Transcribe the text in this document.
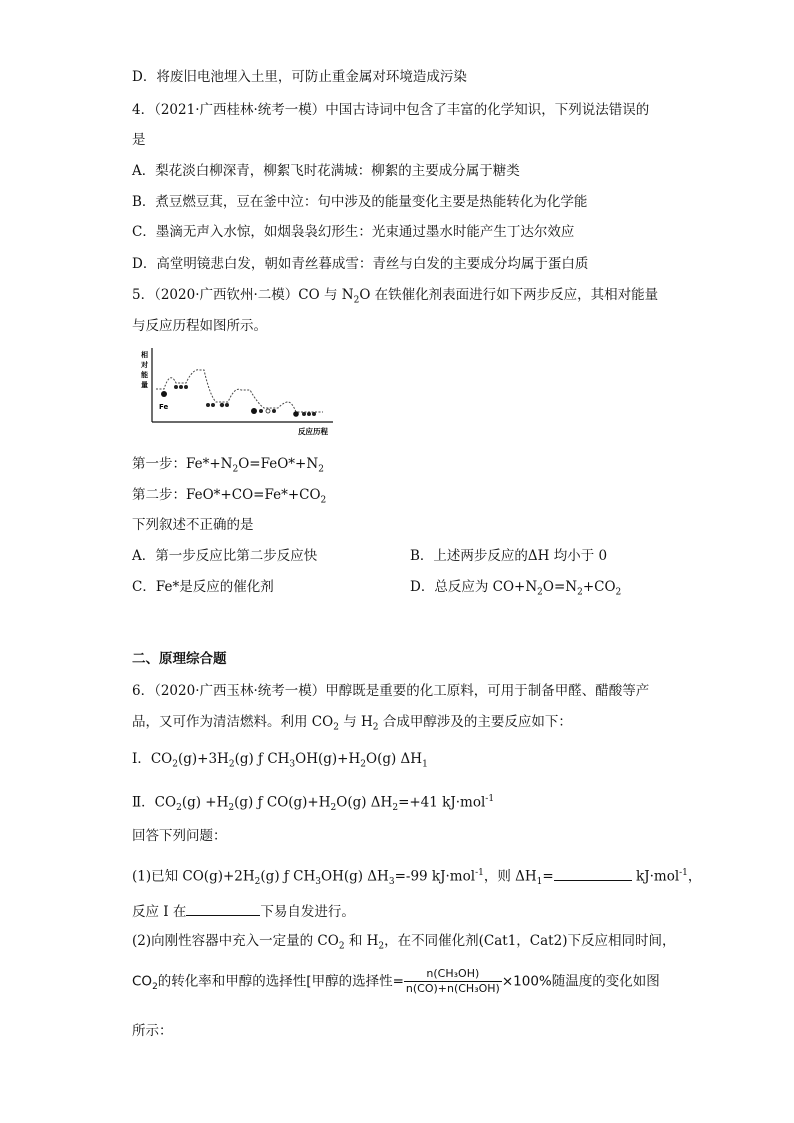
D．将废旧电池埋入土里，可防止重金属对环境造成污染
4．（2021·广西桂林·统考一模）中国古诗词中包含了丰富的化学知识，下列说法错误的
是
A．梨花淡白柳深青，柳絮飞时花满城：柳絮的主要成分属于糖类
B．煮豆燃豆萁，豆在釜中泣：句中涉及的能量变化主要是热能转化为化学能
C．墨滴无声入水惊，如烟袅袅幻形生：光束通过墨水时能产生丁达尔效应
D．高堂明镜悲白发，朝如青丝暮成雪：青丝与白发的主要成分均属于蛋白质
5．（2020·广西钦州·二模）CO 与 $N_2O$ 在铁催化剂表面进行如下两步反应，其相对能量
与反应历程如图所示。
相
对
能
量
Fe
反应历程
第一步：$Fe*+N_2O=FeO*+N_2$
第二步：$FeO*+CO=Fe*+CO_2$
下列叙述不正确的是
A．第一步反应比第二步反应快	B．上述两步反应的ΔH 均小于 0
C．Fe*是反应的催化剂	D．总反应为 $CO+N_2O=N_2+CO_2$
二、原理综合题
6．（2020·广西玉林·统考一模）甲醇既是重要的化工原料，可用于制备甲醛、醋酸等产
品，又可作为清洁燃料。利用 $CO_2$ 与 $H_2$ 合成甲醇涉及的主要反应如下：
Ⅰ．$CO_2(g)+3H_2(g)$ ƒ $CH_3OH(g)+H_2O(g)$ $\Delta H_1$
Ⅱ．$CO_2(g) +H_2(g)$ ƒ $CO(g)+H_2O(g)$ $\Delta H_2=+41$ kJ·mol$^{-1}$
回答下列问题：
(1)已知 $CO(g)+2H_2(g)$ ƒ $CH_3OH(g)$ $\Delta H_3=-99$ kJ·mol$^{-1}$，则 $\Delta H_1=$	kJ·mol$^{-1}$，
反应 I 在	下易自发进行。
(2)向刚性容器中充入一定量的 $CO_2$ 和 $H_2$，在不同催化剂(Cat1，Cat2)下反应相同时间，
$CO_2$的转化率和甲醇的选择性[甲醇的选择性= $\frac{\text{n(CH₃OH)}}{\text{n(CO)+n(CH₃OH)}} \times 100\%$随温度的变化如图
所示：
